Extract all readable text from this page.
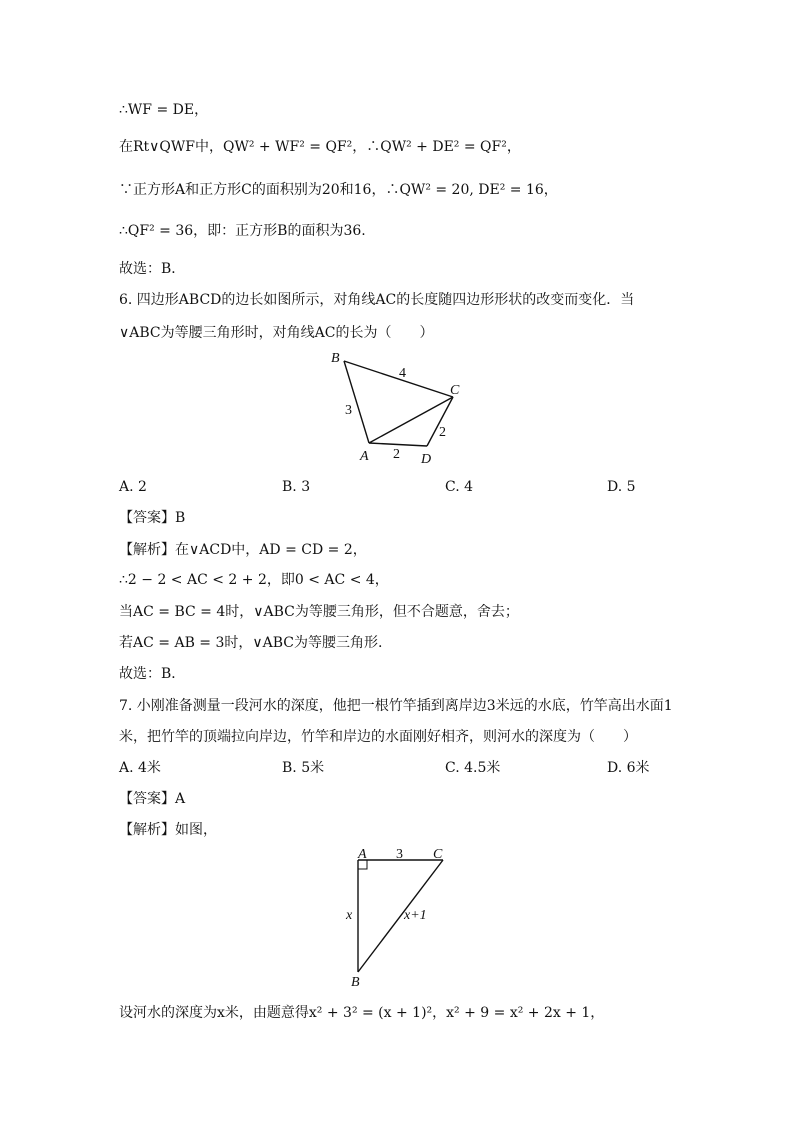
∴WF = DE，
在Rt∨QWF中，QW² + WF² = QF²，∴QW² + DE² = QF²，
∵正方形A和正方形C的面积别为20和16，∴QW² = 20, DE² = 16，
∴QF² = 36，即：正方形B的面积为36.
故选：B．
6. 四边形ABCD的边长如图所示，对角线AC的长度随四边形形状的改变而变化．当
∨ABC为等腰三角形时，对角线AC的长为（　　）
B
C
A	D
4
3
2
2
A	C
B
3
x	x+1
A. 2	B. 3	C. 4	D. 5
【答案】B
【解析】在∨ACD中，AD = CD = 2，
∴2 − 2 < AC < 2 + 2，即0 < AC < 4，
当AC = BC = 4时，∨ABC为等腰三角形，但不合题意，舍去；
若AC = AB = 3时，∨ABC为等腰三角形.
故选：B．
7. 小刚准备测量一段河水的深度，他把一根竹竿插到离岸边3米远的水底，竹竿高出水面1
米，把竹竿的顶端拉向岸边，竹竿和岸边的水面刚好相齐，则河水的深度为（　　）
A. 4米	B. 5米	C. 4.5米	D. 6米
【答案】A
【解析】如图，
设河水的深度为x米，由题意得x² + 3² = (x + 1)²，x² + 9 = x² + 2x + 1，
